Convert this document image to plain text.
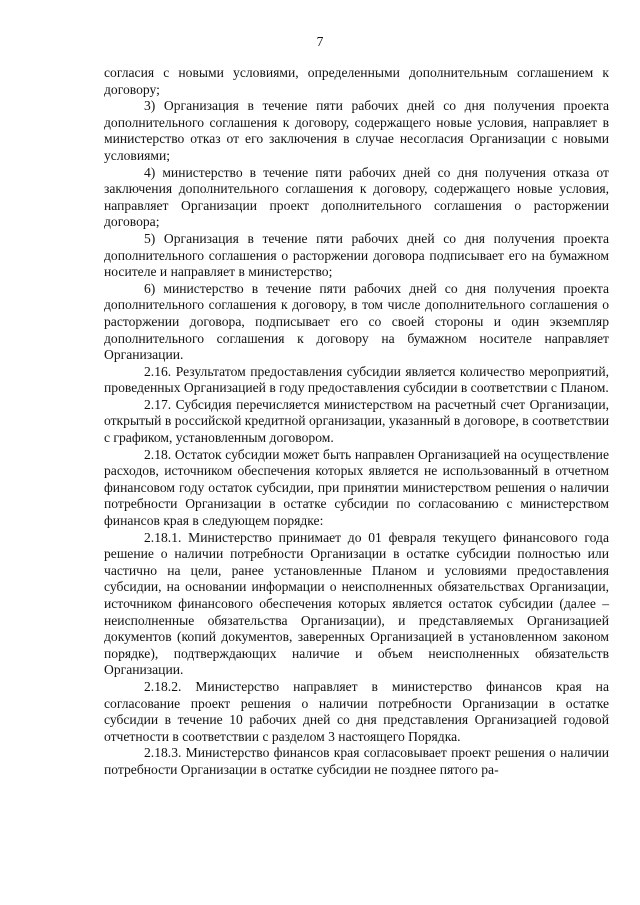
7

согласия с новыми условиями, определенными дополнительным соглашением к договору;

3) Организация в течение пяти рабочих дней со дня получения проекта дополнительного соглашения к договору, содержащего новые условия, направляет в министерство отказ от его заключения в случае несогласия Организации с новыми условиями;

4) министерство в течение пяти рабочих дней со дня получения отказа от заключения дополнительного соглашения к договору, содержащего новые условия, направляет Организации проект дополнительного соглашения о расторжении договора;

5) Организация в течение пяти рабочих дней со дня получения проекта дополнительного соглашения о расторжении договора подписывает его на бумажном носителе и направляет в министерство;

6) министерство в течение пяти рабочих дней со дня получения проекта дополнительного соглашения к договору, в том числе дополнительного соглашения о расторжении договора, подписывает его со своей стороны и один экземпляр дополнительного соглашения к договору на бумажном носителе направляет Организации.

2.16. Результатом предоставления субсидии является количество мероприятий, проведенных Организацией в году предоставления субсидии в соответствии с Планом.

2.17. Субсидия перечисляется министерством на расчетный счет Организации, открытый в российской кредитной организации, указанный в договоре, в соответствии с графиком, установленным договором.

2.18. Остаток субсидии может быть направлен Организацией на осуществление расходов, источником обеспечения которых является не использованный в отчетном финансовом году остаток субсидии, при принятии министерством решения о наличии потребности Организации в остатке субсидии по согласованию с министерством финансов края в следующем порядке:

2.18.1. Министерство принимает до 01 февраля текущего финансового года решение о наличии потребности Организации в остатке субсидии полностью или частично на цели, ранее установленные Планом и условиями предоставления субсидии, на основании информации о неисполненных обязательствах Организации, источником финансового обеспечения которых является остаток субсидии (далее – неисполненные обязательства Организации), и представляемых Организацией документов (копий документов, заверенных Организацией в установленном законом порядке), подтверждающих наличие и объем неисполненных обязательств Организации.

2.18.2. Министерство направляет в министерство финансов края на согласование проект решения о наличии потребности Организации в остатке субсидии в течение 10 рабочих дней со дня представления Организацией годовой отчетности в соответствии с разделом 3 настоящего Порядка.

2.18.3. Министерство финансов края согласовывает проект решения о наличии потребности Организации в остатке субсидии не позднее пятого ра-
